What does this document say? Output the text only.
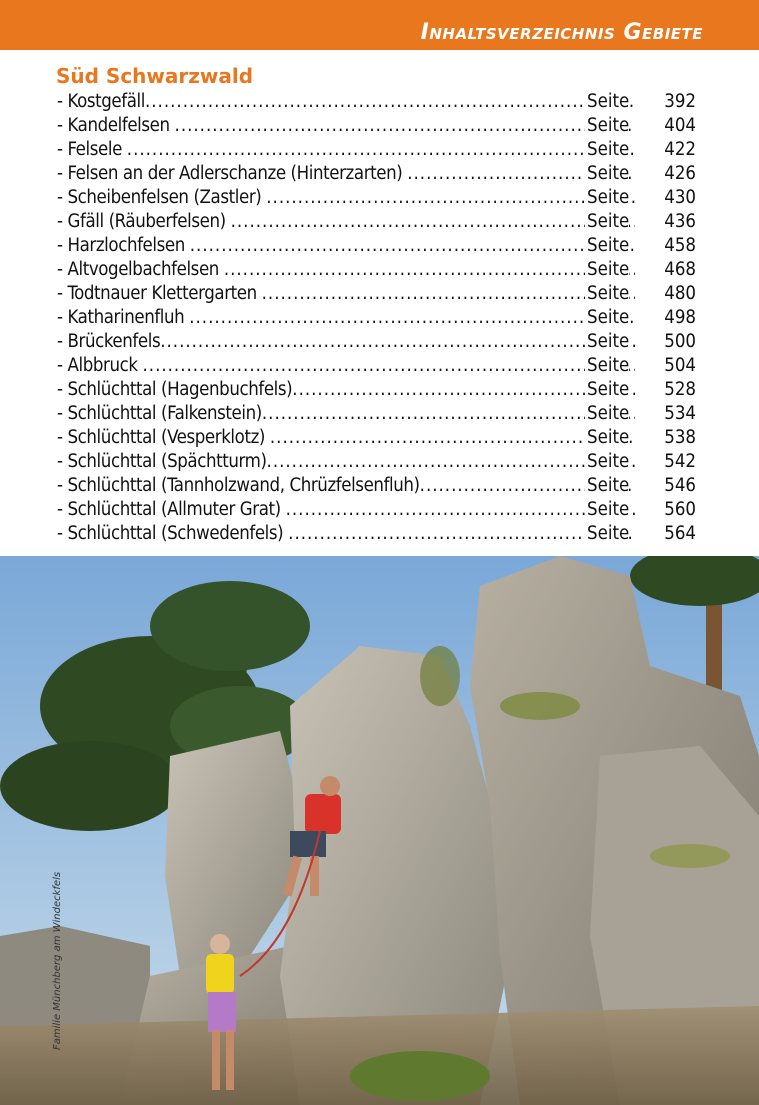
Inhaltsverzeichnis Gebiete
Süd Schwarzwald
- Kostgefäll .....	Seite 392
- Kandelfelsen .....	Seite 404
- Felsele .....	Seite 422
- Felsen an der Adlerschanze (Hinterzarten) .....	Seite 426
- Scheibenfelsen (Zastler) .....	Seite 430
- Gfäll (Räuberfelsen) .....	Seite 436
- Harzlochfelsen .....	Seite 458
- Altvogelbachfelsen .....	Seite 468
- Todtnauer Klettergarten .....	Seite 480
- Katharinenfluh .....	Seite 498
- Brückenfels .....	Seite 500
- Albbruck .....	Seite 504
- Schlüchttal (Hagenbuchfels) .....	Seite 528
- Schlüchttal (Falkenstein) .....	Seite 534
- Schlüchttal (Vesperklotz) .....	Seite 538
- Schlüchttal (Spächtturm) .....	Seite 542
- Schlüchttal (Tannholzwand, Chrüzfelsenfluh) .....	Seite 546
- Schlüchttal (Allmuter Grat) .....	Seite 560
- Schlüchttal (Schwedenfels) .....	Seite 564
Familie Münchberg am Windeckfels
